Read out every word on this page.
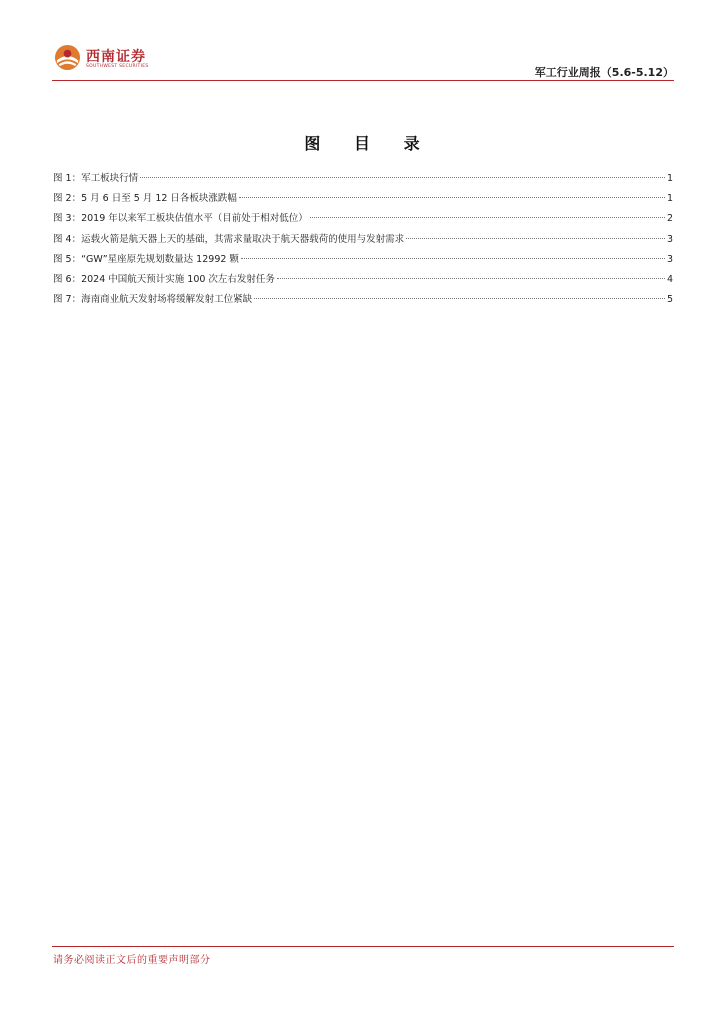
西南证券
SOUTHWEST SECURITIES	军工行业周报（5.6-5.12）
图 目 录
图 1：军工板块行情	1
图 2：5 月 6 日至 5 月 12 日各板块涨跌幅	1
图 3：2019 年以来军工板块估值水平（目前处于相对低位）	2
图 4：运载火箭是航天器上天的基础，其需求量取决于航天器载荷的使用与发射需求	3
图 5：“GW”星座原先规划数量达 12992 颗	3
图 6：2024 中国航天预计实施 100 次左右发射任务	4
图 7：海南商业航天发射场将缓解发射工位紧缺	5
请务必阅读正文后的重要声明部分
